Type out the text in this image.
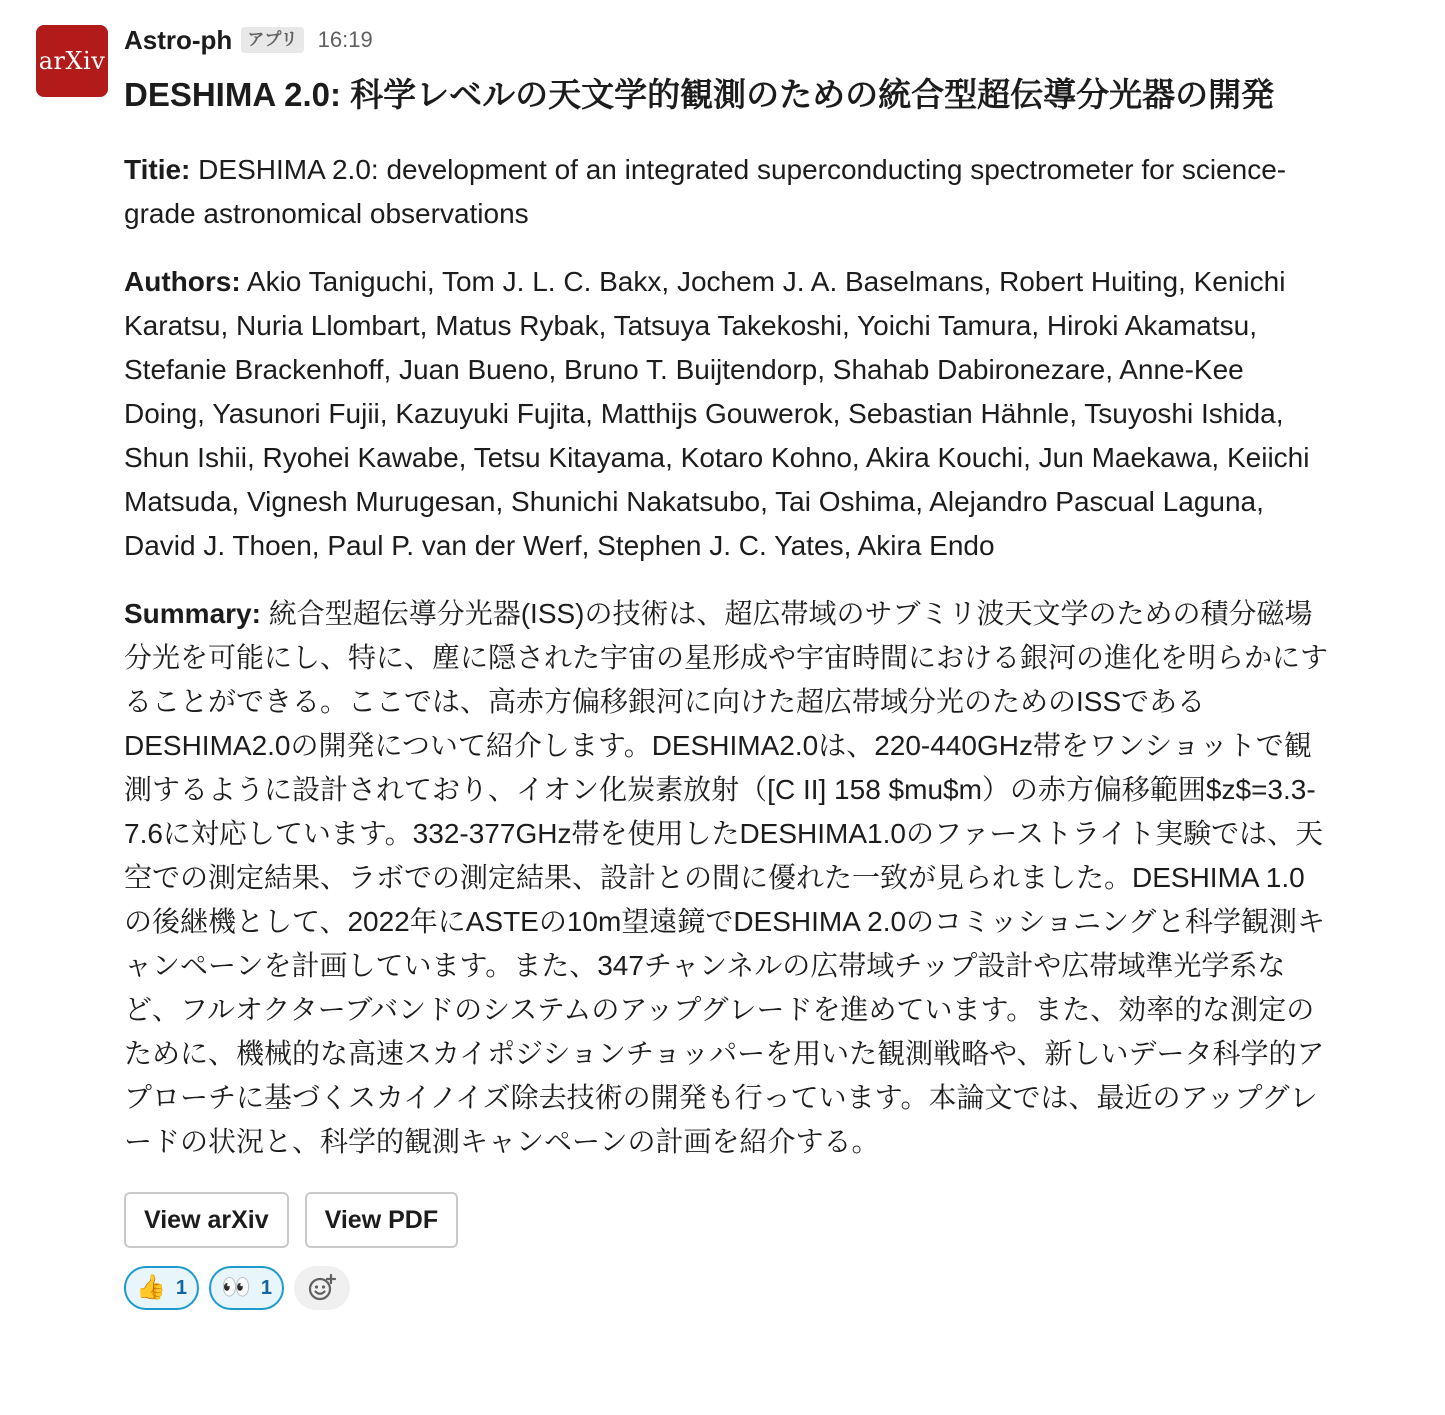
arXiv
Astro-ph アプリ 16:19
DESHIMA 2.0: 科学レベルの天文学的観測のための統合型超伝導分光器の開発
Titie: DESHIMA 2.0: development of an integrated superconducting spectrometer for science-grade astronomical observations
Authors: Akio Taniguchi, Tom J. L. C. Bakx, Jochem J. A. Baselmans, Robert Huiting, Kenichi Karatsu, Nuria Llombart, Matus Rybak, Tatsuya Takekoshi, Yoichi Tamura, Hiroki Akamatsu, Stefanie Brackenhoff, Juan Bueno, Bruno T. Buijtendorp, Shahab Dabironezare, Anne-Kee Doing, Yasunori Fujii, Kazuyuki Fujita, Matthijs Gouwerok, Sebastian Hähnle, Tsuyoshi Ishida, Shun Ishii, Ryohei Kawabe, Tetsu Kitayama, Kotaro Kohno, Akira Kouchi, Jun Maekawa, Keiichi Matsuda, Vignesh Murugesan, Shunichi Nakatsubo, Tai Oshima, Alejandro Pascual Laguna, David J. Thoen, Paul P. van der Werf, Stephen J. C. Yates, Akira Endo
Summary: 統合型超伝導分光器(ISS)の技術は、超広帯域のサブミリ波天文学のための積分磁場分光を可能にし、特に、塵に隠された宇宙の星形成や宇宙時間における銀河の進化を明らかにすることができる。ここでは、高赤方偏移銀河に向けた超広帯域分光のためのISSであるDESHIMA2.0の開発について紹介します。DESHIMA2.0は、220-440GHz帯をワンショットで観測するように設計されており、イオン化炭素放射（[C II] 158 $mu$m）の赤方偏移範囲$z$=3.3-7.6に対応しています。332-377GHz帯を使用したDESHIMA1.0のファーストライト実験では、天空での測定結果、ラボでの測定結果、設計との間に優れた一致が見られました。DESHIMA 1.0の後継機として、2022年にASTEの10m望遠鏡でDESHIMA 2.0のコミッショニングと科学観測キャンペーンを計画しています。また、347チャンネルの広帯域チップ設計や広帯域準光学系など、フルオクターブバンドのシステムのアップグレードを進めています。また、効率的な測定のために、機械的な高速スカイポジションチョッパーを用いた観測戦略や、新しいデータ科学的アプローチに基づくスカイノイズ除去技術の開発も行っています。本論文では、最近のアップグレードの状況と、科学的観測キャンペーンの計画を紹介する。
View arXiv	View PDF
👍 1 👀 1
